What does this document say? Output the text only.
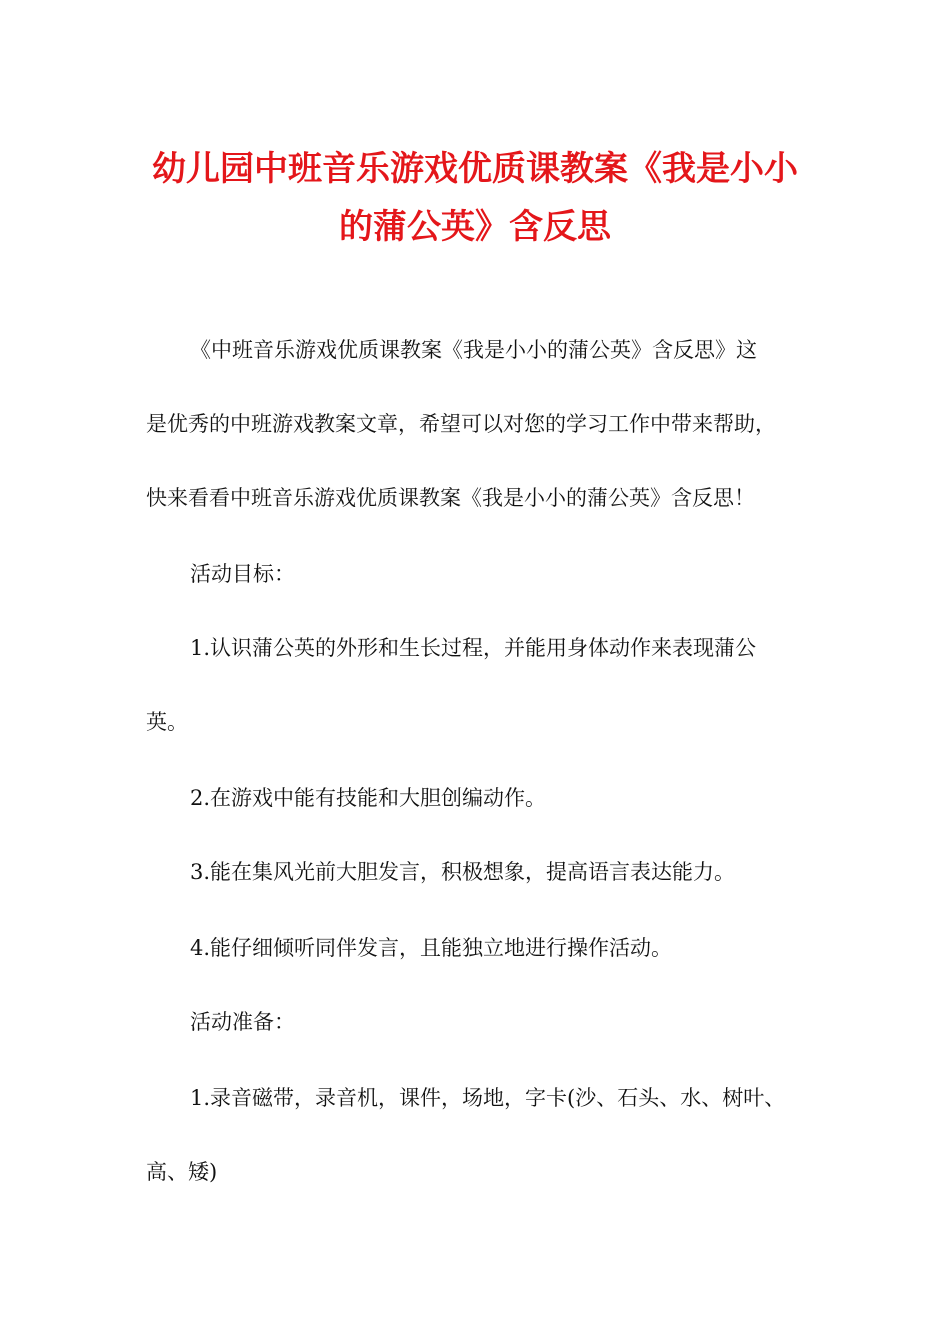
幼儿园中班音乐游戏优质课教案《我是小小
的蒲公英》含反思
《中班音乐游戏优质课教案《我是小小的蒲公英》含反思》这
是优秀的中班游戏教案文章，希望可以对您的学习工作中带来帮助，
快来看看中班音乐游戏优质课教案《我是小小的蒲公英》含反思！
活动目标：
1.认识蒲公英的外形和生长过程，并能用身体动作来表现蒲公
英。
2.在游戏中能有技能和大胆创编动作。
3.能在集风光前大胆发言，积极想象，提高语言表达能力。
4.能仔细倾听同伴发言，且能独立地进行操作活动。
活动准备：
1.录音磁带，录音机，课件，场地，字卡(沙、石头、水、树叶、
高、矮)
